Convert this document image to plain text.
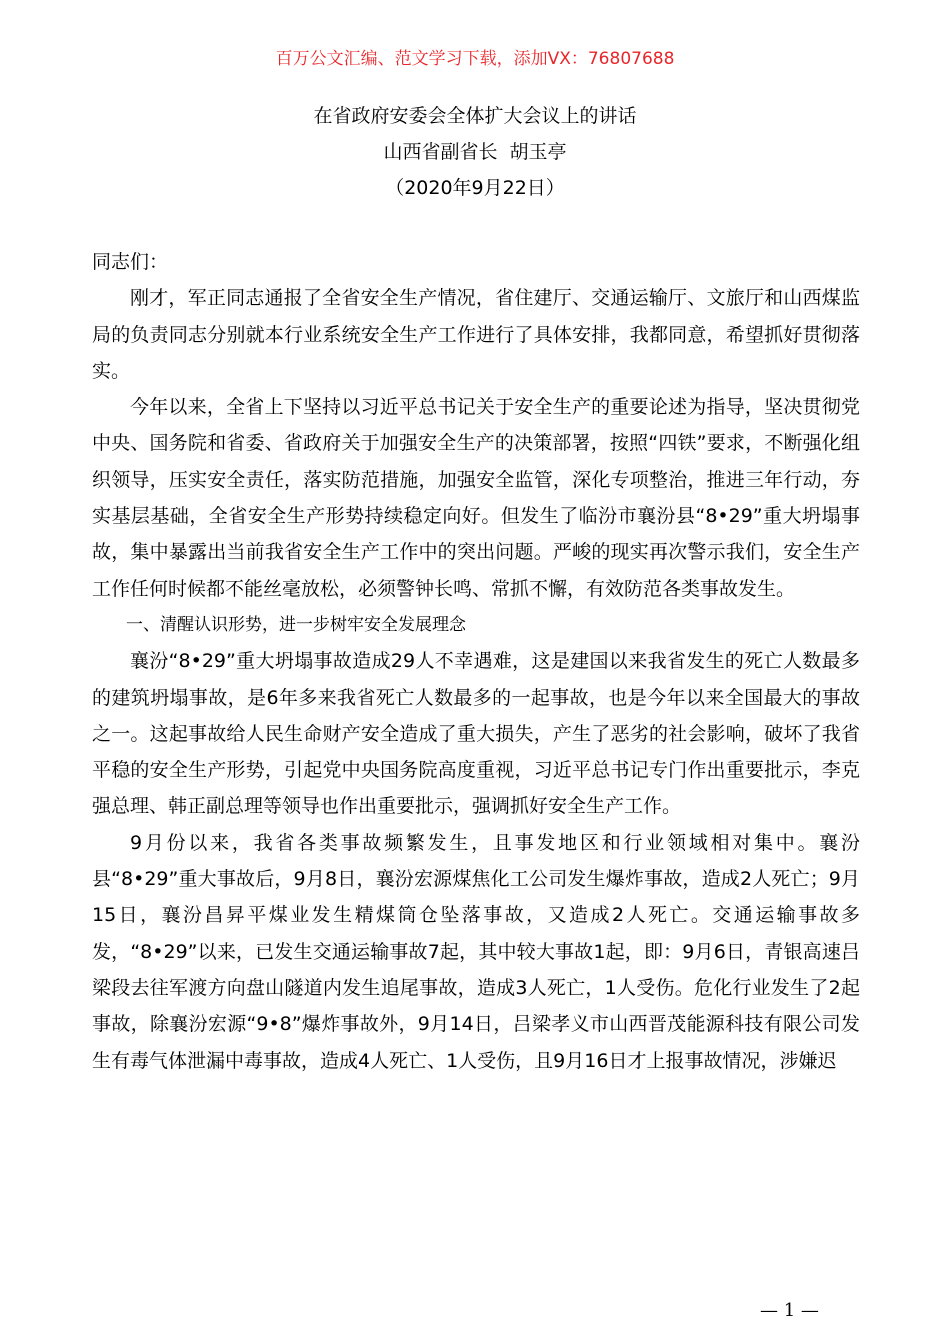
百万公文汇编、范文学习下载，添加VX：76807688
在省政府安委会全体扩大会议上的讲话
山西省副省长  胡玉亭
（2020年9月22日）

同志们：

刚才，军正同志通报了全省安全生产情况，省住建厅、交通运输厅、文旅厅和山西煤监局的负责同志分别就本行业系统安全生产工作进行了具体安排，我都同意，希望抓好贯彻落实。

今年以来，全省上下坚持以习近平总书记关于安全生产的重要论述为指导，坚决贯彻党中央、国务院和省委、省政府关于加强安全生产的决策部署，按照“四铁”要求，不断强化组织领导，压实安全责任，落实防范措施，加强安全监管，深化专项整治，推进三年行动，夯实基层基础，全省安全生产形势持续稳定向好。但发生了临汾市襄汾县“8•29”重大坍塌事故，集中暴露出当前我省安全生产工作中的突出问题。严峻的现实再次警示我们，安全生产工作任何时候都不能丝毫放松，必须警钟长鸣、常抓不懈，有效防范各类事故发生。

一、清醒认识形势，进一步树牢安全发展理念

襄汾“8•29”重大坍塌事故造成29人不幸遇难，这是建国以来我省发生的死亡人数最多的建筑坍塌事故，是6年多来我省死亡人数最多的一起事故，也是今年以来全国最大的事故之一。这起事故给人民生命财产安全造成了重大损失，产生了恶劣的社会影响，破坏了我省平稳的安全生产形势，引起党中央国务院高度重视，习近平总书记专门作出重要批示，李克强总理、韩正副总理等领导也作出重要批示，强调抓好安全生产工作。

9月份以来，我省各类事故频繁发生，且事发地区和行业领域相对集中。襄汾县“8•29”重大事故后，9月8日，襄汾宏源煤焦化工公司发生爆炸事故，造成2人死亡；9月15日，襄汾昌昇平煤业发生精煤筒仓坠落事故，又造成2人死亡。交通运输事故多发，“8•29”以来，已发生交通运输事故7起，其中较大事故1起，即：9月6日，青银高速吕梁段去往军渡方向盘山隧道内发生追尾事故，造成3人死亡，1人受伤。危化行业发生了2起事故，除襄汾宏源“9•8”爆炸事故外，9月14日，吕梁孝义市山西晋茂能源科技有限公司发生有毒气体泄漏中毒事故，造成4人死亡、1人受伤，且9月16日才上报事故情况，涉嫌迟

— 1 —
